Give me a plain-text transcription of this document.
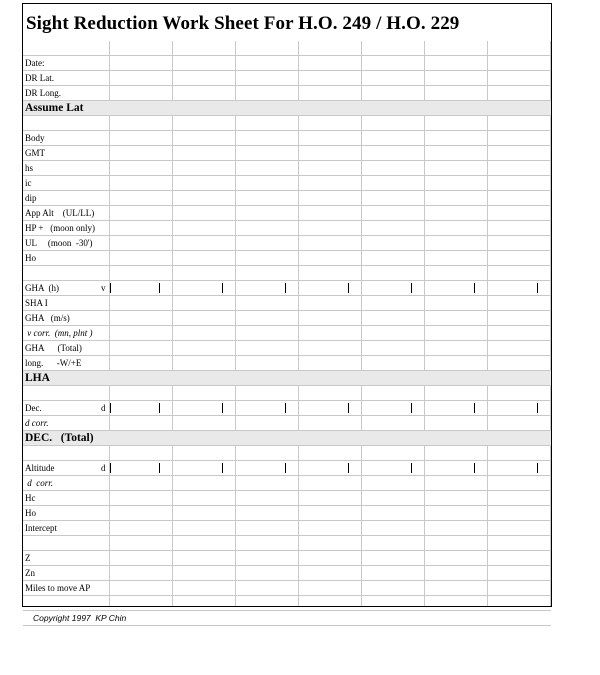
Sight Reduction Work Sheet For H.O. 249 / H.O. 229
Date:
DR Lat.
DR Long.
Assume Lat
Body
GMT
hs
ic
dip
App Alt    (UL/LL)
HP +   (moon only)
UL     (moon  -30')
Ho
GHA  (h)	v
SHA I
GHA   (m/s)
v corr.  (mn, plnt )
GHA      (Total)
long.      -W/+E
LHA
Dec.	d
d corr.
DEC.   (Total)
Altitude	d
d  corr.
Hc
Ho
Intercept
Z
Zn
Miles to move AP
Copyright 1997  KP Chin
